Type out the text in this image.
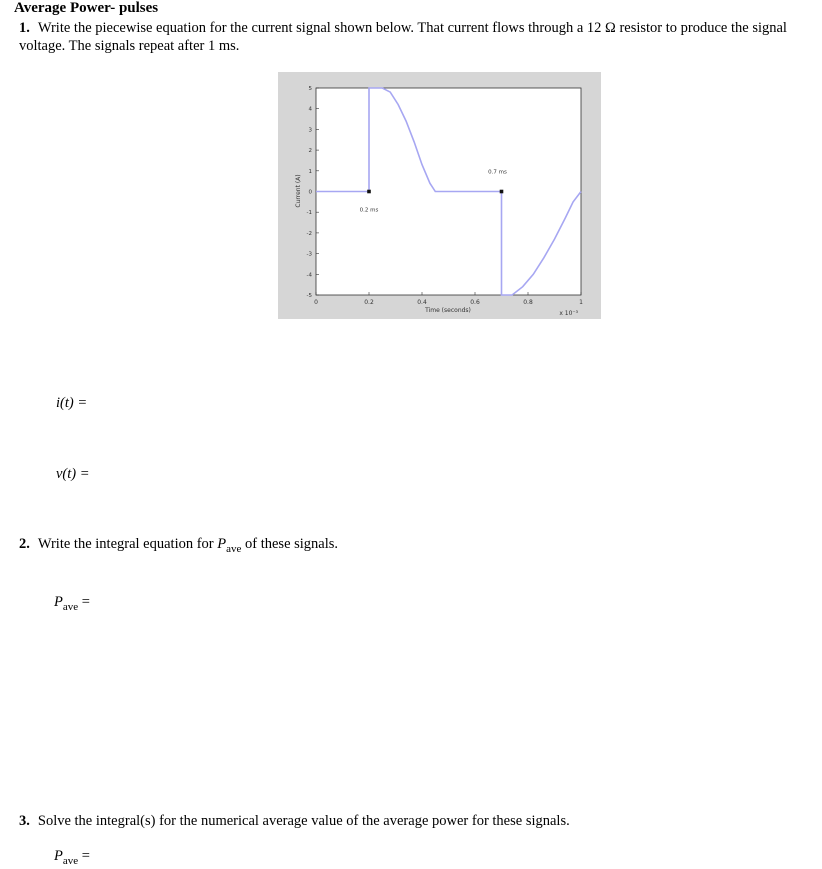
Average Power- pulses
1. Write the piecewise equation for the current signal shown below. That current flows through a 12 Ω resistor to produce the signal voltage. The signals repeat after 1 ms.
0	0.2	0.4	0.6	0.8	1
5
4
3
2
1
0
-1
-2
-3
-4
-5
0.2 ms
0.7 ms
Time (seconds)
Current (A)
x 10⁻³
i(t) =
v(t) =
2. Write the integral equation for $P_{ave}$ of these signals.
$P_{ave}$ =
3. Solve the integral(s) for the numerical average value of the average power for these signals.
$P_{ave}$ =
